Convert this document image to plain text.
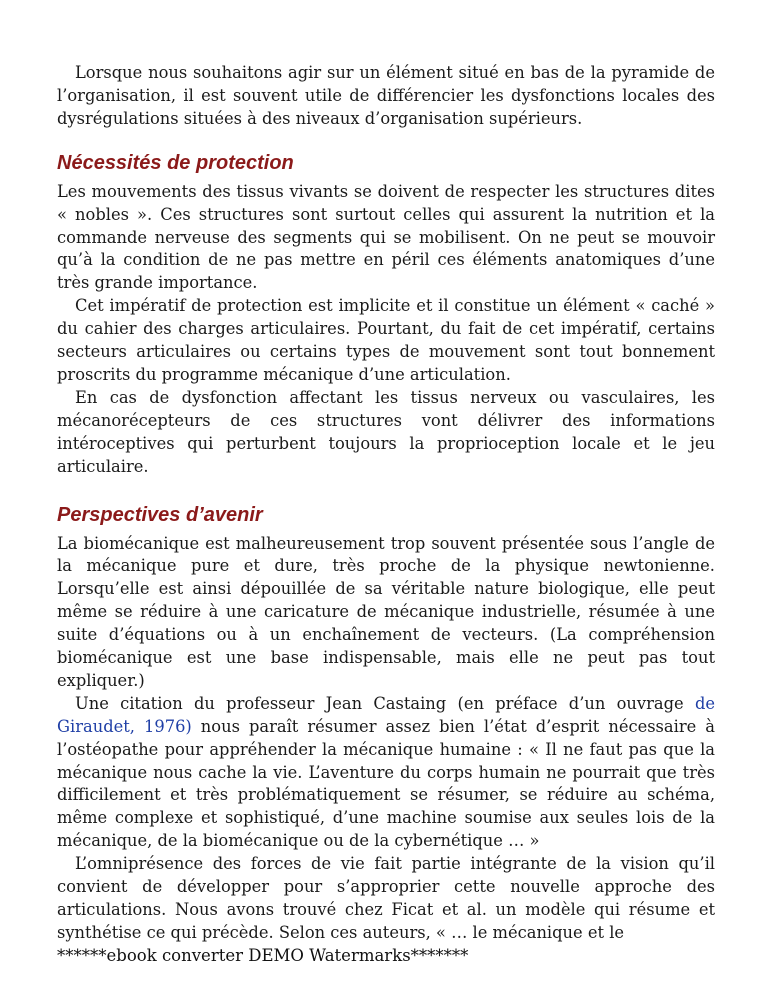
Lorsque nous souhaitons agir sur un élément situé en bas de la pyramide de l’organisation, il est souvent utile de différencier les dysfonctions locales des dysrégulations situées à des niveaux d’organisation supérieurs.

Nécessités de protection

Les mouvements des tissus vivants se doivent de respecter les structures dites « nobles ». Ces structures sont surtout celles qui assurent la nutrition et la commande nerveuse des segments qui se mobilisent. On ne peut se mouvoir qu’à la condition de ne pas mettre en péril ces éléments anatomiques d’une très grande importance.

Cet impératif de protection est implicite et il constitue un élément « caché » du cahier des charges articulaires. Pourtant, du fait de cet impératif, certains secteurs articulaires ou certains types de mouvement sont tout bonnement proscrits du programme mécanique d’une articulation.

En cas de dysfonction affectant les tissus nerveux ou vasculaires, les mécanorécepteurs de ces structures vont délivrer des informations intéroceptives qui perturbent toujours la proprioception locale et le jeu articulaire.

Perspectives d’avenir

La biomécanique est malheureusement trop souvent présentée sous l’angle de la mécanique pure et dure, très proche de la physique newtonienne. Lorsqu’elle est ainsi dépouillée de sa véritable nature biologique, elle peut même se réduire à une caricature de mécanique industrielle, résumée à une suite d’équations ou à un enchaînement de vecteurs. (La compréhension biomécanique est une base indispensable, mais elle ne peut pas tout expliquer.)

Une citation du professeur Jean Castaing (en préface d’un ouvrage de Giraudet, 1976) nous paraît résumer assez bien l’état d’esprit nécessaire à l’ostéopathe pour appréhender la mécanique humaine : « Il ne faut pas que la mécanique nous cache la vie. L’aventure du corps humain ne pourrait que très difficilement et très problématiquement se résumer, se réduire au schéma, même complexe et sophistiqué, d’une machine soumise aux seules lois de la mécanique, de la biomécanique ou de la cybernétique … »

L’omniprésence des forces de vie fait partie intégrante de la vision qu’il convient de développer pour s’approprier cette nouvelle approche des articulations. Nous avons trouvé chez Ficat et al. un modèle qui résume et synthétise ce qui précède. Selon ces auteurs, « … le mécanique et le

******ebook converter DEMO Watermarks*******
